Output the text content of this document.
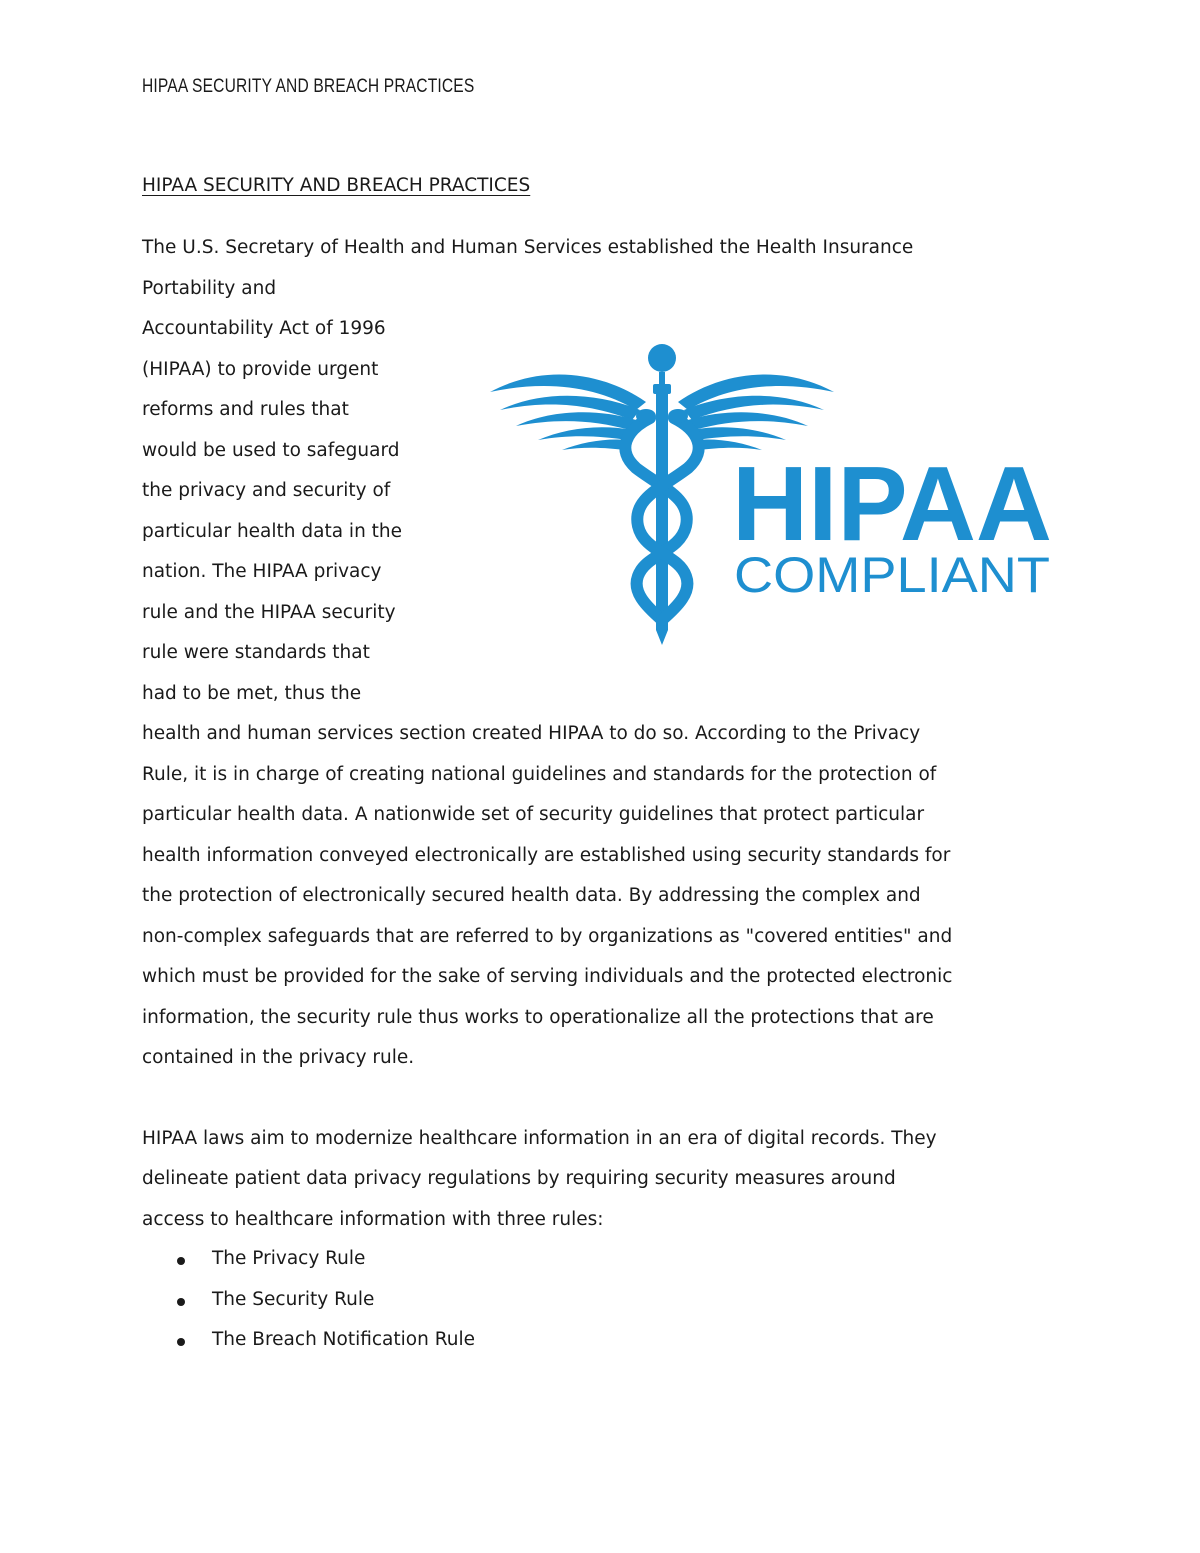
HIPAA SECURITY AND BREACH PRACTICES
HIPAA SECURITY AND BREACH PRACTICES
The U.S. Secretary of Health and Human Services established the Health Insurance
Portability and
Accountability Act of 1996
(HIPAA) to provide urgent
reforms and rules that
would be used to safeguard
the privacy and security of
particular health data in the
nation. The HIPAA privacy
rule and the HIPAA security
rule were standards that
had to be met, thus the
health and human services section created HIPAA to do so. According to the Privacy
Rule, it is in charge of creating national guidelines and standards for the protection of
particular health data. A nationwide set of security guidelines that protect particular
health information conveyed electronically are established using security standards for
the protection of electronically secured health data. By addressing the complex and
non-complex safeguards that are referred to by organizations as "covered entities" and
which must be provided for the sake of serving individuals and the protected electronic
information, the security rule thus works to operationalize all the protections that are
contained in the privacy rule.
HIPAA laws aim to modernize healthcare information in an era of digital records. They
delineate patient data privacy regulations by requiring security measures around
access to healthcare information with three rules:
The Privacy Rule
The Security Rule
The Breach Notification Rule
HIPAA
COMPLIANT
